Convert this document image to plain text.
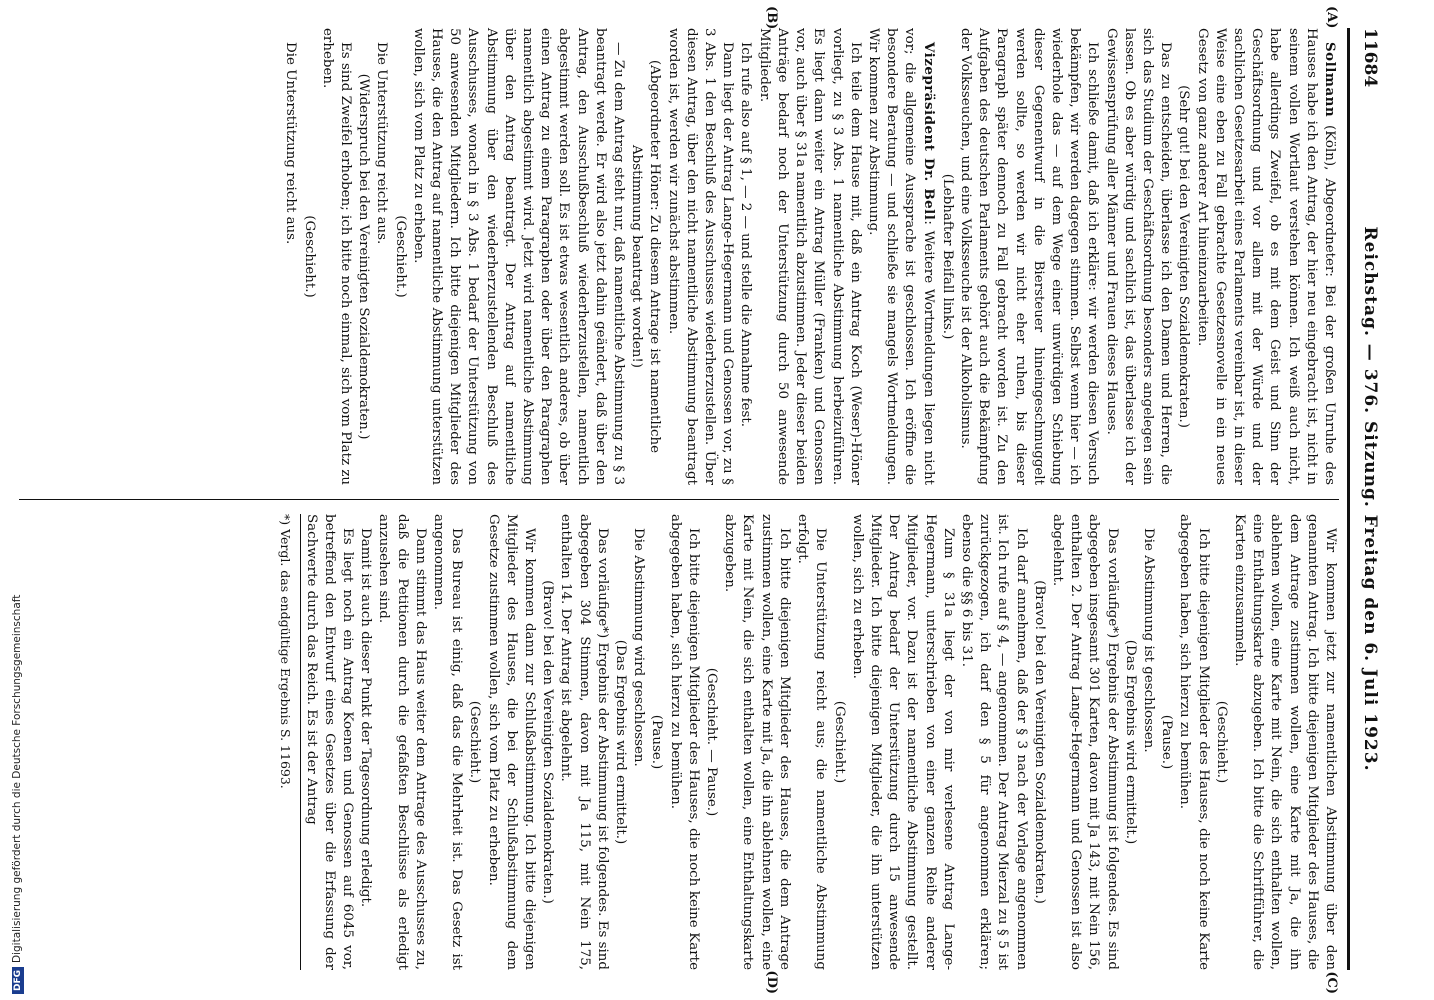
11684
Reichstag. — 376. Sitzung. Freitag den 6. Juli 1923.
(A)
(B)
(C)
(D)

Sollmann (Köln), Abgeordneter: Bei der großen Unruhe des Hauses habe ich den Antrag, der hier neu eingebracht ist, nicht in seinem vollen Wortlaut verstehen können. Ich weiß auch nicht, habe allerdings Zweifel, ob es mit dem Geist und Sinn der Geschäftsordnung und vor allem mit der Würde und der sachlichen Gesetzesarbeit eines Parlaments vereinbar ist, in dieser Weise eine eben zu Fall gebrachte Gesetzesnovelle in ein neues Gesetz von ganz anderer Art hineinzuarbeiten.

(Sehr gut! bei den Vereinigten Sozialdemokraten.)

Das zu entscheiden, überlasse ich den Damen und Herren, die sich das Studium der Geschäftsordnung besonders angelegen sein lassen. Ob es aber würdig und sachlich ist, das überlasse ich der Gewissensprüfung aller Männer und Frauen dieses Hauses.

Ich schließe damit, daß ich erkläre: wir werden diesen Versuch bekämpfen, wir werden dagegen stimmen. Selbst wenn hier — ich wiederhole das — auf dem Wege einer unwürdigen Schiebung dieser Gegenentwurf in die Biersteuer hineingeschmuggelt werden sollte, so werden wir nicht eher ruhen, bis dieser Paragraph später dennoch zu Fall gebracht worden ist. Zu den Aufgaben des deutschen Parlaments gehört auch die Bekämpfung der Volksseuchen, und eine Volksseuche ist der Alkoholismus.

(Lebhafter Beifall links.)

Vizepräsident Dr. Bell: Weitere Wortmeldungen liegen nicht vor; die allgemeine Aussprache ist geschlossen. Ich eröffne die besondere Beratung — und schließe sie mangels Wortmeldungen. Wir kommen zur Abstimmung.

Ich teile dem Hause mit, daß ein Antrag Koch (Weser)-Höner vorliegt, zu § 3 Abs. 1 namentliche Abstimmung herbeizuführen. Es liegt dann weiter ein Antrag Müller (Franken) und Genossen vor, auch über § 31a namentlich abzustimmen. Jeder dieser beiden Anträge bedarf noch der Unterstützung durch 50 anwesende Mitglieder.

Ich rufe also auf § 1, — 2 — und stelle die Annahme fest.

Dann liegt der Antrag Lange-Hegermann und Genossen vor, zu § 3 Abs. 1 den Beschluß des Ausschusses wiederherzustellen. Über diesen Antrag, über den nicht namentliche Abstimmung beantragt worden ist, werden wir zunächst abstimmen.

(Abgeordneter Höner: Zu diesem Antrage ist namentliche Abstimmung beantragt worden!)

— Zu dem Antrag steht nur, daß namentliche Abstimmung zu § 3 beantragt werde. Er wird also jetzt dahin geändert, daß über den Antrag, den Ausschußbeschluß wiederherzustellen, namentlich abgestimmt werden soll. Es ist etwas wesentlich anderes, ob über einen Antrag zu einem Paragraphen oder über den Paragraphen namentlich abgestimmt wird. Jetzt wird namentliche Abstimmung über den Antrag beantragt. Der Antrag auf namentliche Abstimmung über den wiederherzustellenden Beschluß des Ausschusses, wonach in § 3 Abs. 1 bedarf der Unterstützung von 50 anwesenden Mitgliedern. Ich bitte diejenigen Mitglieder des Hauses, die den Antrag auf namentliche Abstimmung unterstützen wollen, sich vom Platz zu erheben.

(Geschieht.)

Die Unterstützung reicht aus.

(Widerspruch bei den Vereinigten Sozialdemokraten.)

Es sind Zweifel erhoben; ich bitte noch einmal, sich vom Platz zu erheben.

(Geschieht.)

Die Unterstützung reicht aus.

Wir kommen jetzt zur namentlichen Abstimmung über den genannten Antrag. Ich bitte diejenigen Mitglieder des Hauses, die dem Antrage zustimmen wollen, eine Karte mit Ja, die ihn ablehnen wollen, eine Karte mit Nein, die sich enthalten wollen, eine Enthaltungskarte abzugeben. Ich bitte die Schriftführer, die Karten einzusammeln.

(Geschieht.)

Ich bitte diejenigen Mitglieder des Hauses, die noch keine Karte abgegeben haben, sich hierzu zu bemühen.

(Pause.)

Die Abstimmung ist geschlossen.

(Das Ergebnis wird ermittelt.)

Das vorläufige*) Ergebnis der Abstimmung ist folgendes. Es sind abgegeben insgesamt 301 Karten, davon mit Ja 143, mit Nein 156, enthalten 2. Der Antrag Lange-Hegermann und Genossen ist also abgelehnt.

(Bravo! bei den Vereinigten Sozialdemokraten.)

Ich darf annehmen, daß der § 3 nach der Vorlage angenommen ist. Ich rufe auf § 4, — angenommen. Der Antrag Mierzal zu § 5 ist zurückgezogen, ich darf den § 5 für angenommen erklären; ebenso die §§ 6 bis 31.

Zum § 31a liegt der von mir verlesene Antrag Lange-Hegermann, unterschrieben von einer ganzen Reihe anderer Mitglieder, vor. Dazu ist der namentliche Abstimmung gestellt. Der Antrag bedarf der Unterstützung durch 15 anwesende Mitglieder. Ich bitte diejenigen Mitglieder, die ihn unterstützen wollen, sich zu erheben.

(Geschieht.)

Die Unterstützung reicht aus; die namentliche Abstimmung erfolgt.

Ich bitte diejenigen Mitglieder des Hauses, die dem Antrage zustimmen wollen, eine Karte mit Ja, die ihn ablehnen wollen, eine Karte mit Nein, die sich enthalten wollen, eine Enthaltungskarte abzugeben.

(Geschieht. — Pause.)

Ich bitte diejenigen Mitglieder des Hauses, die noch keine Karte abgegeben haben, sich hierzu zu bemühen.

(Pause.)

Die Abstimmung wird geschlossen.

(Das Ergebnis wird ermittelt.)

Das vorläufige*) Ergebnis der Abstimmung ist folgendes. Es sind abgegeben 304 Stimmen, davon mit Ja 115, mit Nein 175, enthalten 14. Der Antrag ist abgelehnt.

(Bravo! bei den Vereinigten Sozialdemokraten.)

Wir kommen dann zur Schlußabstimmung. Ich bitte diejenigen Mitglieder des Hauses, die bei der Schlußabstimmung dem Gesetze zustimmen wollen, sich vom Platz zu erheben.

(Geschieht.)

Das Bureau ist einig, daß das die Mehrheit ist. Das Gesetz ist angenommen.

Dann stimmt das Haus weiter dem Antrage des Ausschusses zu, daß die Petitionen durch die gefaßten Beschlüsse als erledigt anzusehen sind.

Damit ist auch dieser Punkt der Tagesordnung erledigt.

Es liegt noch ein Antrag Koenen und Genossen auf 6045 vor, betreffend den Entwurf eines Gesetzes über die Erfassung der Sachwerte durch das Reich. Es ist der Antrag

*) Vergl. das endgültige Ergebnis S. 11693.

DFGDigitalisierung gefördert durch die Deutsche Forschungsgemeinschaft
